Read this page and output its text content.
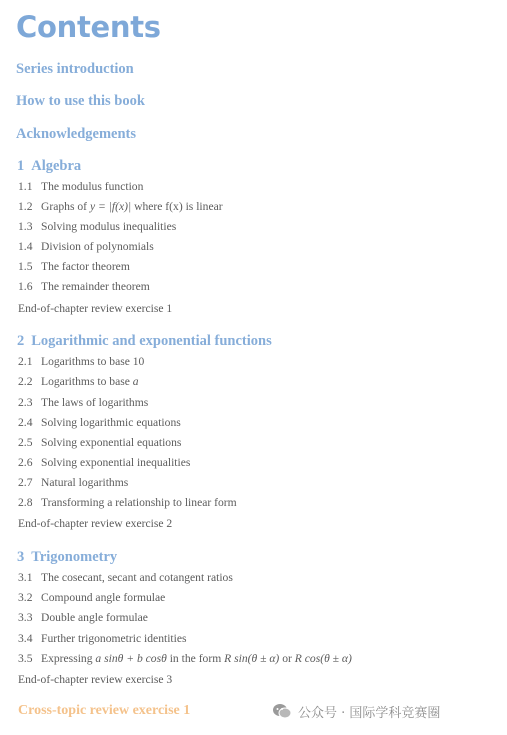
Contents
Series introduction
How to use this book
Acknowledgements
1 Algebra
1.1 The modulus function
1.2 Graphs of y = |f(x)| where f(x) is linear
1.3 Solving modulus inequalities
1.4 Division of polynomials
1.5 The factor theorem
1.6 The remainder theorem
End-of-chapter review exercise 1
2 Logarithmic and exponential functions
2.1 Logarithms to base 10
2.2 Logarithms to base a
2.3 The laws of logarithms
2.4 Solving logarithmic equations
2.5 Solving exponential equations
2.6 Solving exponential inequalities
2.7 Natural logarithms
2.8 Transforming a relationship to linear form
End-of-chapter review exercise 2
3 Trigonometry
3.1 The cosecant, secant and cotangent ratios
3.2 Compound angle formulae
3.3 Double angle formulae
3.4 Further trigonometric identities
3.5 Expressing a sinθ + b cosθ in the form R sin(θ ± α) or R cos(θ ± α)
End-of-chapter review exercise 3
Cross-topic review exercise 1	公众号 · 国际学科竞赛圈
